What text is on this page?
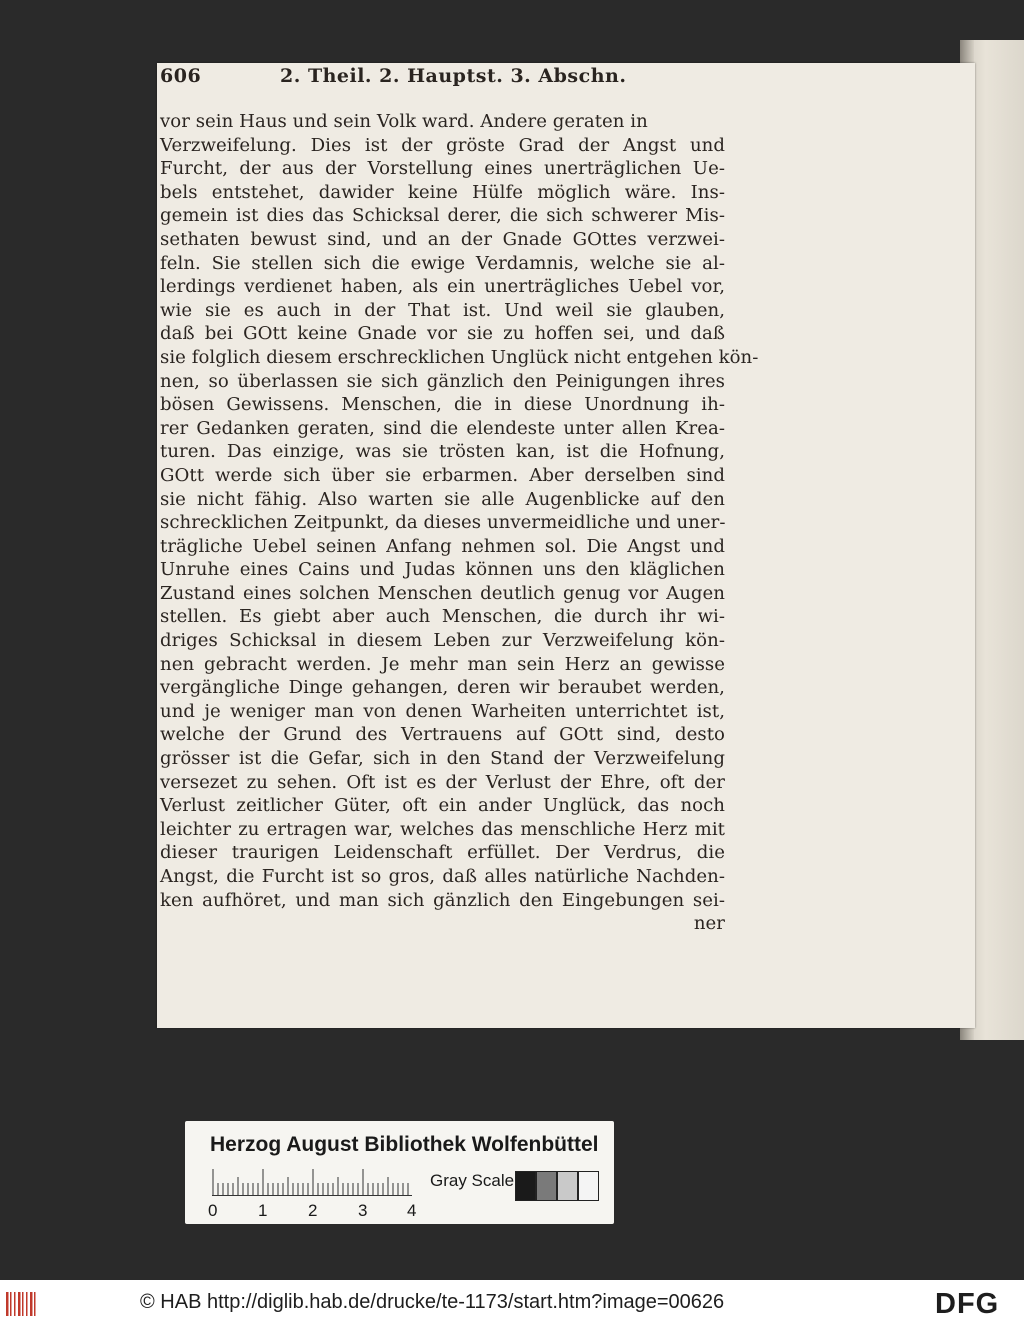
606	2. Theil. 2. Hauptst. 3. Abschn.
vor sein Haus und sein Volk ward. Andere geraten in
Verzweifelung. Dies ist der gröste Grad der Angst und
Furcht, der aus der Vorstellung eines unerträglichen Ue-
bels entstehet, dawider keine Hülfe möglich wäre. Ins-
gemein ist dies das Schicksal derer, die sich schwerer Mis-
sethaten bewust sind, und an der Gnade GOttes verzwei-
feln. Sie stellen sich die ewige Verdamnis, welche sie al-
lerdings verdienet haben, als ein unerträgliches Uebel vor,
wie sie es auch in der That ist. Und weil sie glauben,
daß bei GOtt keine Gnade vor sie zu hoffen sei, und daß
sie folglich diesem erschrecklichen Unglück nicht entgehen kön-
nen, so überlassen sie sich gänzlich den Peinigungen ihres
bösen Gewissens. Menschen, die in diese Unordnung ih-
rer Gedanken geraten, sind die elendeste unter allen Krea-
turen. Das einzige, was sie trösten kan, ist die Hofnung,
GOtt werde sich über sie erbarmen. Aber derselben sind
sie nicht fähig. Also warten sie alle Augenblicke auf den
schrecklichen Zeitpunkt, da dieses unvermeidliche und uner-
trägliche Uebel seinen Anfang nehmen sol. Die Angst und
Unruhe eines Cains und Judas können uns den kläglichen
Zustand eines solchen Menschen deutlich genug vor Augen
stellen. Es giebt aber auch Menschen, die durch ihr wi-
driges Schicksal in diesem Leben zur Verzweifelung kön-
nen gebracht werden. Je mehr man sein Herz an gewisse
vergängliche Dinge gehangen, deren wir beraubet werden,
und je weniger man von denen Warheiten unterrichtet ist,
welche der Grund des Vertrauens auf GOtt sind, desto
grösser ist die Gefar, sich in den Stand der Verzweifelung
versezet zu sehen. Oft ist es der Verlust der Ehre, oft der
Verlust zeitlicher Güter, oft ein ander Unglück, das noch
leichter zu ertragen war, welches das menschliche Herz mit
dieser traurigen Leidenschaft erfüllet. Der Verdrus, die
Angst, die Furcht ist so gros, daß alles natürliche Nachden-
ken aufhöret, und man sich gänzlich den Eingebungen sei-
ner
Herzog August Bibliothek Wolfenbüttel
0 1 2 3 4
Gray Scale
© HAB http://diglib.hab.de/drucke/te-1173/start.htm?image=00626	DFG
